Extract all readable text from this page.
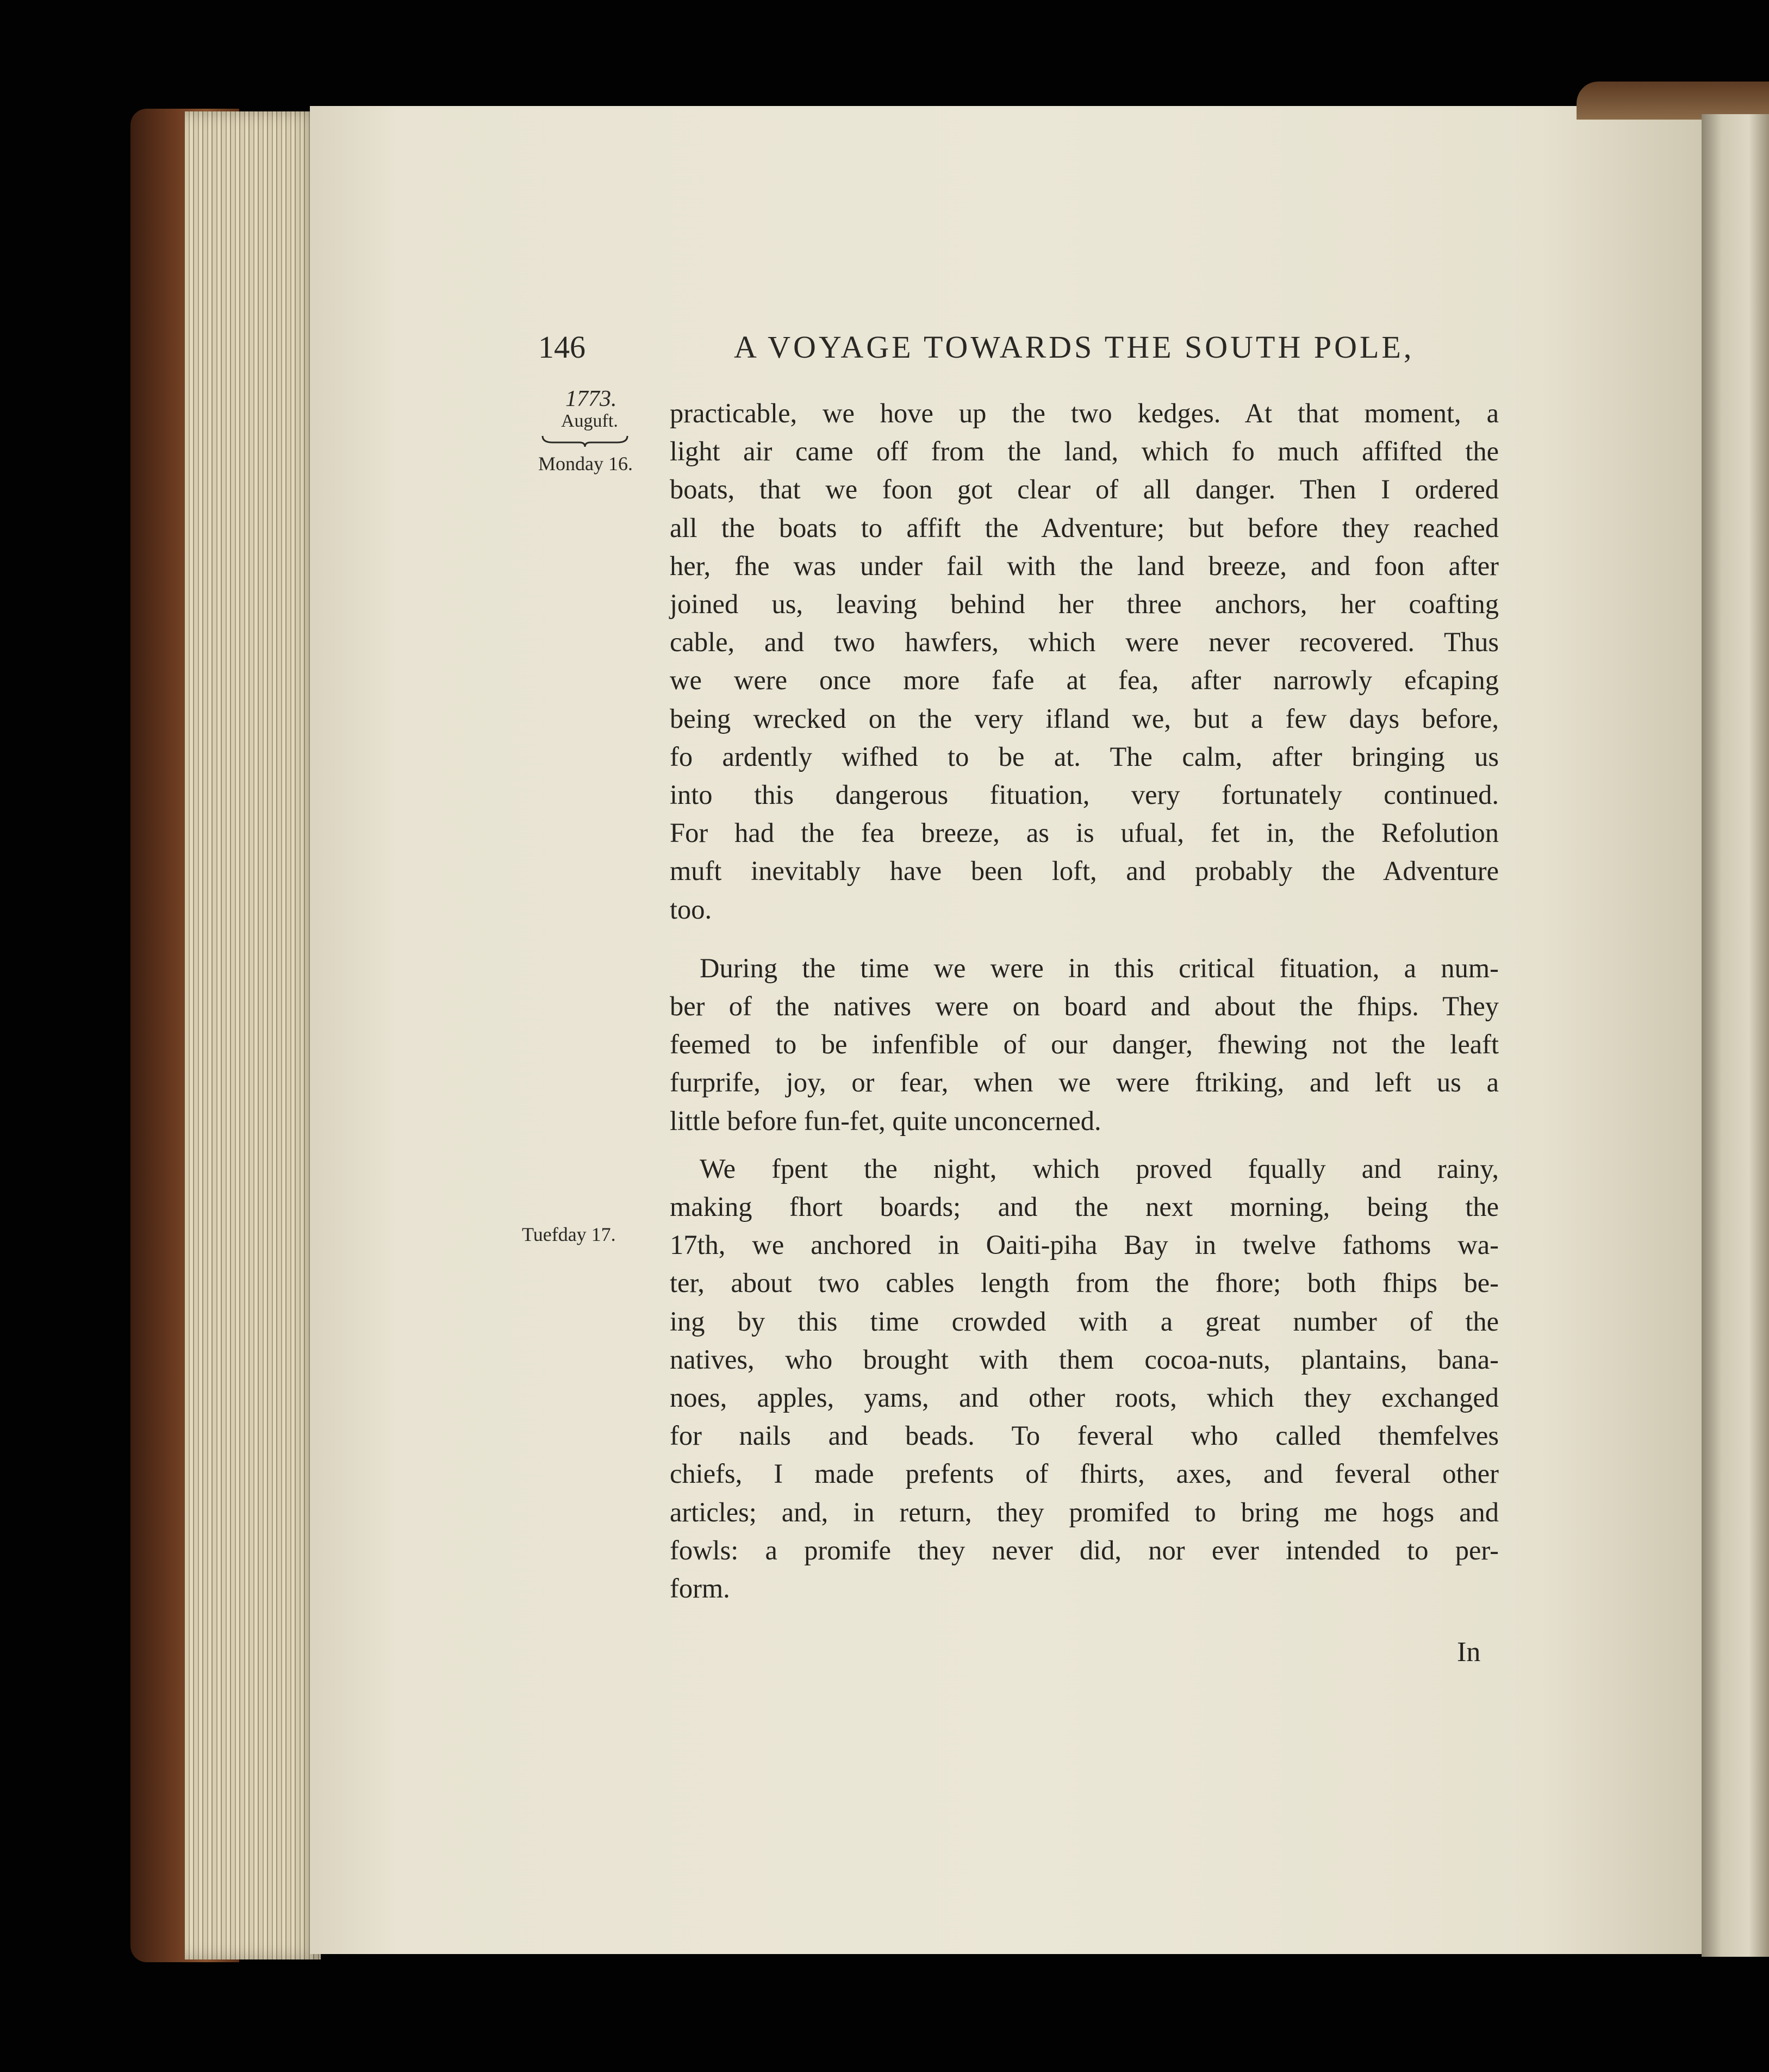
146	A VOYAGE TOWARDS THE SOUTH POLE,
1773.
Auguft.
Monday 16.
Tuefday 17.
practicable, we hove up the two kedges. At that moment, a
light air came off from the land, which fo much affifted the
boats, that we foon got clear of all danger. Then I ordered
all the boats to affift the Adventure; but before they reached
her, fhe was under fail with the land breeze, and foon after
joined us, leaving behind her three anchors, her coafting
cable, and two hawfers, which were never recovered. Thus
we were once more fafe at fea, after narrowly efcaping
being wrecked on the very ifland we, but a few days before,
fo ardently wifhed to be at. The calm, after bringing us
into this dangerous fituation, very fortunately continued.
For had the fea breeze, as is ufual, fet in, the Refolution
muft inevitably have been loft, and probably the Adventure
too.
During the time we were in this critical fituation, a num-
ber of the natives were on board and about the fhips. They
feemed to be infenfible of our danger, fhewing not the leaft
furprife, joy, or fear, when we were ftriking, and left us a
little before fun-fet, quite unconcerned.
We fpent the night, which proved fqually and rainy,
making fhort boards; and the next morning, being the
17th, we anchored in Oaiti-piha Bay in twelve fathoms wa-
ter, about two cables length from the fhore; both fhips be-
ing by this time crowded with a great number of the
natives, who brought with them cocoa-nuts, plantains, bana-
noes, apples, yams, and other roots, which they exchanged
for nails and beads. To feveral who called themfelves
chiefs, I made prefents of fhirts, axes, and feveral other
articles; and, in return, they promifed to bring me hogs and
fowls: a promife they never did, nor ever intended to per-
form.
In
